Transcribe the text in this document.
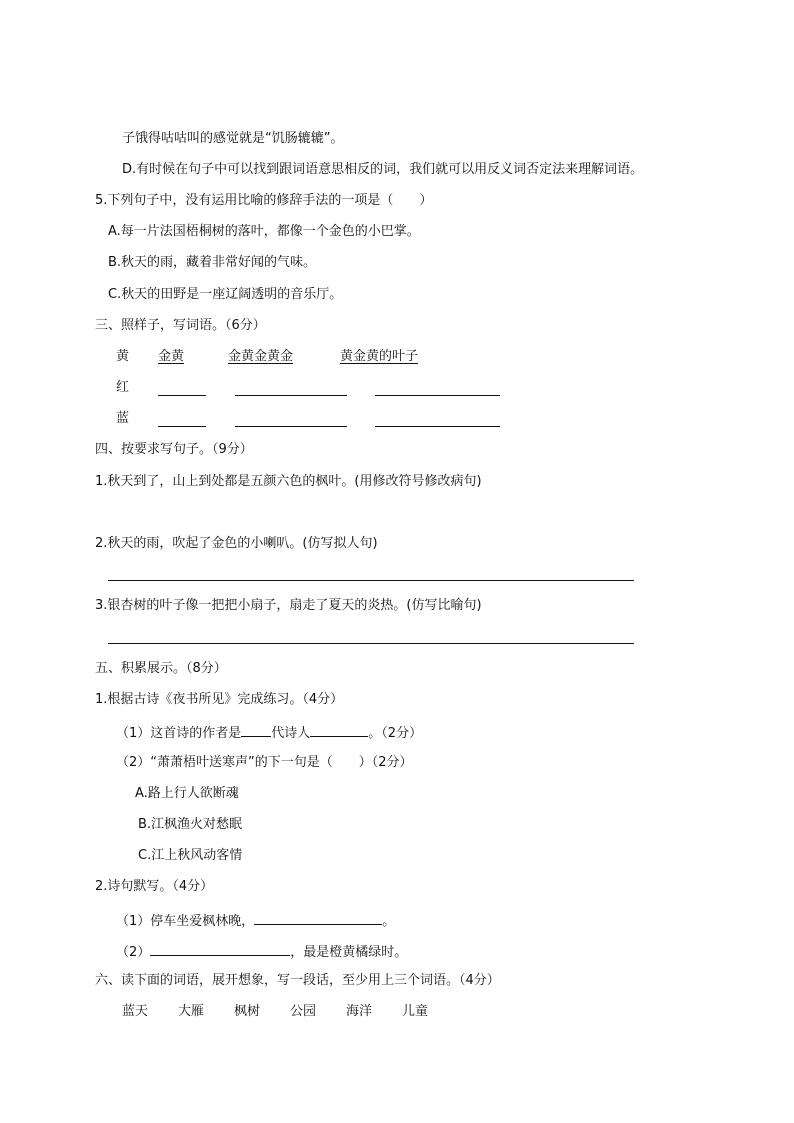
子饿得咕咕叫的感觉就是“饥肠辘辘”。
D.有时候在句子中可以找到跟词语意思相反的词，我们就可以用反义词否定法来理解词语。
5.下列句子中，没有运用比喻的修辞手法的一项是（　　）
A.每一片法国梧桐树的落叶，都像一个金色的小巴掌。
B.秋天的雨，藏着非常好闻的气味。
C.秋天的田野是一座辽阔透明的音乐厅。
三、照样子，写词语。（6分）
黄 金黄	金黄金黄金	黄金黄的叶子
红
蓝
四、按要求写句子。（9分）
1.秋天到了，山上到处都是五颜六色的枫叶。(用修改符号修改病句)
2.秋天的雨，吹起了金色的小喇叭。(仿写拟人句)
3.银杏树的叶子像一把把小扇子，扇走了夏天的炎热。(仿写比喻句)
五、积累展示。（8分）
1.根据古诗《夜书所见》完成练习。（4分）
（1）这首诗的作者是 代诗人	。（2分）
（2）“萧萧梧叶送寒声”的下一句是（　　）（2分）
A.路上行人欲断魂
B.江枫渔火对愁眠
C.江上秋风动客情
2.诗句默写。（4分）
（1）停车坐爱枫林晚，	。
（2）	，最是橙黄橘绿时。
六、读下面的词语，展开想象，写一段话，至少用上三个词语。（4分）
蓝天 大雁 枫树 公园 海洋 儿童
